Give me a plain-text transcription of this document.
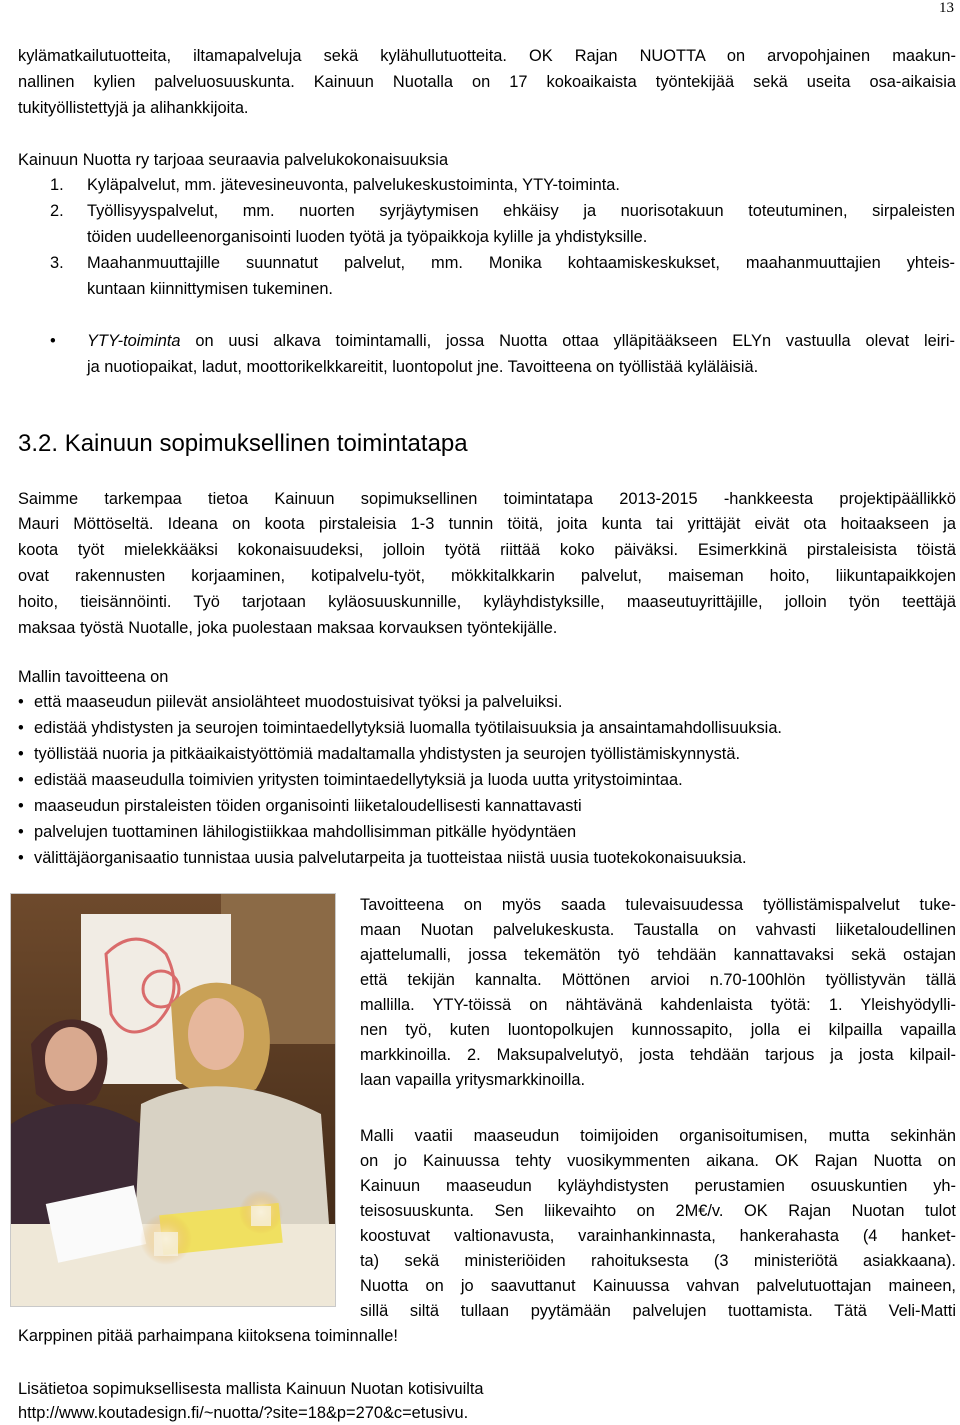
13
kylämatkailutuotteita, iltamapalveluja sekä kylähullutuotteita. OK Rajan NUOTTA on arvopohjainen maakun-
nallinen kylien palveluosuuskunta. Kainuun Nuotalla on 17 kokoaikaista työntekijää sekä useita osa-aikaisia
tukityöllistettyjä ja alihankkijoita.
Kainuun Nuotta ry tarjoaa seuraavia palvelukokonaisuuksia
1. Kyläpalvelut, mm. jätevesineuvonta, palvelukeskustoiminta, YTY-toiminta.
2. Työllisyyspalvelut, mm. nuorten syrjäytymisen ehkäisy ja nuorisotakuun toteutuminen, sirpaleisten
töiden uudelleenorganisointi luoden työtä ja työpaikkoja kylille ja yhdistyksille.
3. Maahanmuuttajille suunnatut palvelut, mm. Monika kohtaamiskeskukset, maahanmuuttajien yhteis-
kuntaan kiinnittymisen tukeminen.
• YTY-toiminta on uusi alkava toimintamalli, jossa Nuotta ottaa ylläpitääkseen ELYn vastuulla olevat leiri-
ja nuotiopaikat, ladut, moottorikelkkareitit, luontopolut jne. Tavoitteena on työllistää kyläläisiä.
3.2. Kainuun sopimuksellinen toimintatapa
Saimme tarkempaa tietoa Kainuun sopimuksellinen toimintatapa 2013-2015 -hankkeesta projektipäällikkö
Mauri Möttöseltä. Ideana on koota pirstaleisia 1-3 tunnin töitä, joita kunta tai yrittäjät eivät ota hoitaakseen ja
koota työt mielekkääksi kokonaisuudeksi, jolloin työtä riittää koko päiväksi. Esimerkkinä pirstaleisista töistä
ovat rakennusten korjaaminen, kotipalvelu-työt, mökkitalkkarin palvelut, maiseman hoito, liikuntapaikkojen
hoito, tieisännöinti. Työ tarjotaan kyläosuuskunnille, kyläyhdistyksille, maaseutuyrittäjille, jolloin työn teettäjä
maksaa työstä Nuotalle, joka puolestaan maksaa korvauksen työntekijälle.
Mallin tavoitteena on
• että maaseudun piilevät ansiolähteet muodostuisivat työksi ja palveluiksi.
• edistää yhdistysten ja seurojen toimintaedellytyksiä luomalla työtilaisuuksia ja ansaintamahdollisuuksia.
• työllistää nuoria ja pitkäaikaistyöttömiä madaltamalla yhdistysten ja seurojen työllistämiskynnystä.
• edistää maaseudulla toimivien yritysten toimintaedellytyksiä ja luoda uutta yritystoimintaa.
• maaseudun pirstaleisten töiden organisointi liiketaloudellisesti kannattavasti
• palvelujen tuottaminen lähilogistiikkaa mahdollisimman pitkälle hyödyntäen
• välittäjäorganisaatio tunnistaa uusia palvelutarpeita ja tuotteistaa niistä uusia tuotekokonaisuuksia.
Tavoitteena on myös saada tulevaisuudessa työllistämispalvelut tuke-
maan Nuotan palvelukeskusta. Taustalla on vahvasti liiketaloudellinen
ajattelumalli, jossa tekemätön työ tehdään kannattavaksi sekä ostajan
että tekijän kannalta. Möttönen arvioi n.70-100hlön työllistyvän tällä
mallilla. YTY-töissä on nähtävänä kahdenlaista työtä: 1. Yleishyödylli-
nen työ, kuten luontopolkujen kunnossapito, jolla ei kilpailla vapailla
markkinoilla. 2. Maksupalvelutyö, josta tehdään tarjous ja josta kilpail-
laan vapailla yritysmarkkinoilla.
Malli vaatii maaseudun toimijoiden organisoitumisen, mutta sekinhän
on jo Kainuussa tehty vuosikymmenten aikana. OK Rajan Nuotta on
Kainuun maaseudun kyläyhdistysten perustamien osuuskuntien yh-
teisosuuskunta. Sen liikevaihto on 2M€/v. OK Rajan Nuotan tulot
koostuvat valtionavusta, varainhankinnasta, hankerahasta (4 hanket-
ta) sekä ministeriöiden rahoituksesta (3 ministeriötä asiakkaana).
Nuotta on jo saavuttanut Kainuussa vahvan palvelutuottajan maineen,
sillä siltä tullaan pyytämään palvelujen tuottamista. Tätä Veli-Matti
Karppinen pitää parhaimpana kiitoksena toiminnalle!
Lisätietoa sopimuksellisesta mallista Kainuun Nuotan kotisivuilta
http://www.koutadesign.fi/~nuotta/?site=18&p=270&c=etusivu.
